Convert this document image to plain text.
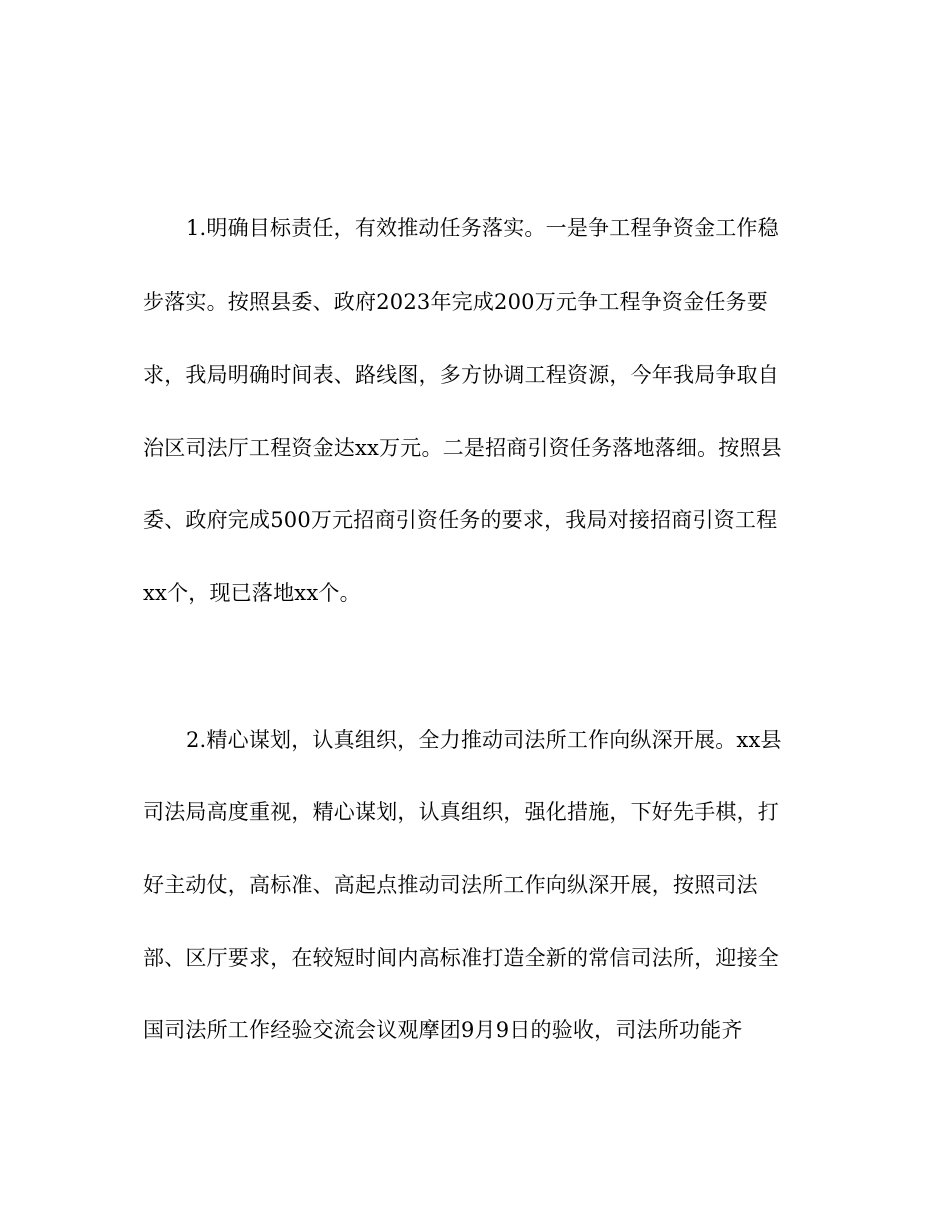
1.明确目标责任，有效推动任务落实。一是争工程争资金工作稳
步落实。按照县委、政府2023年完成200万元争工程争资金任务要
求，我局明确时间表、路线图，多方协调工程资源，今年我局争取自
治区司法厅工程资金达xx万元。二是招商引资任务落地落细。按照县
委、政府完成500万元招商引资任务的要求，我局对接招商引资工程
xx个，现已落地xx个。
2.精心谋划，认真组织，全力推动司法所工作向纵深开展。xx县
司法局高度重视，精心谋划，认真组织，强化措施，下好先手棋，打
好主动仗，高标准、高起点推动司法所工作向纵深开展，按照司法
部、区厅要求，在较短时间内高标准打造全新的常信司法所，迎接全
国司法所工作经验交流会议观摩团9月9日的验收，司法所功能齐
